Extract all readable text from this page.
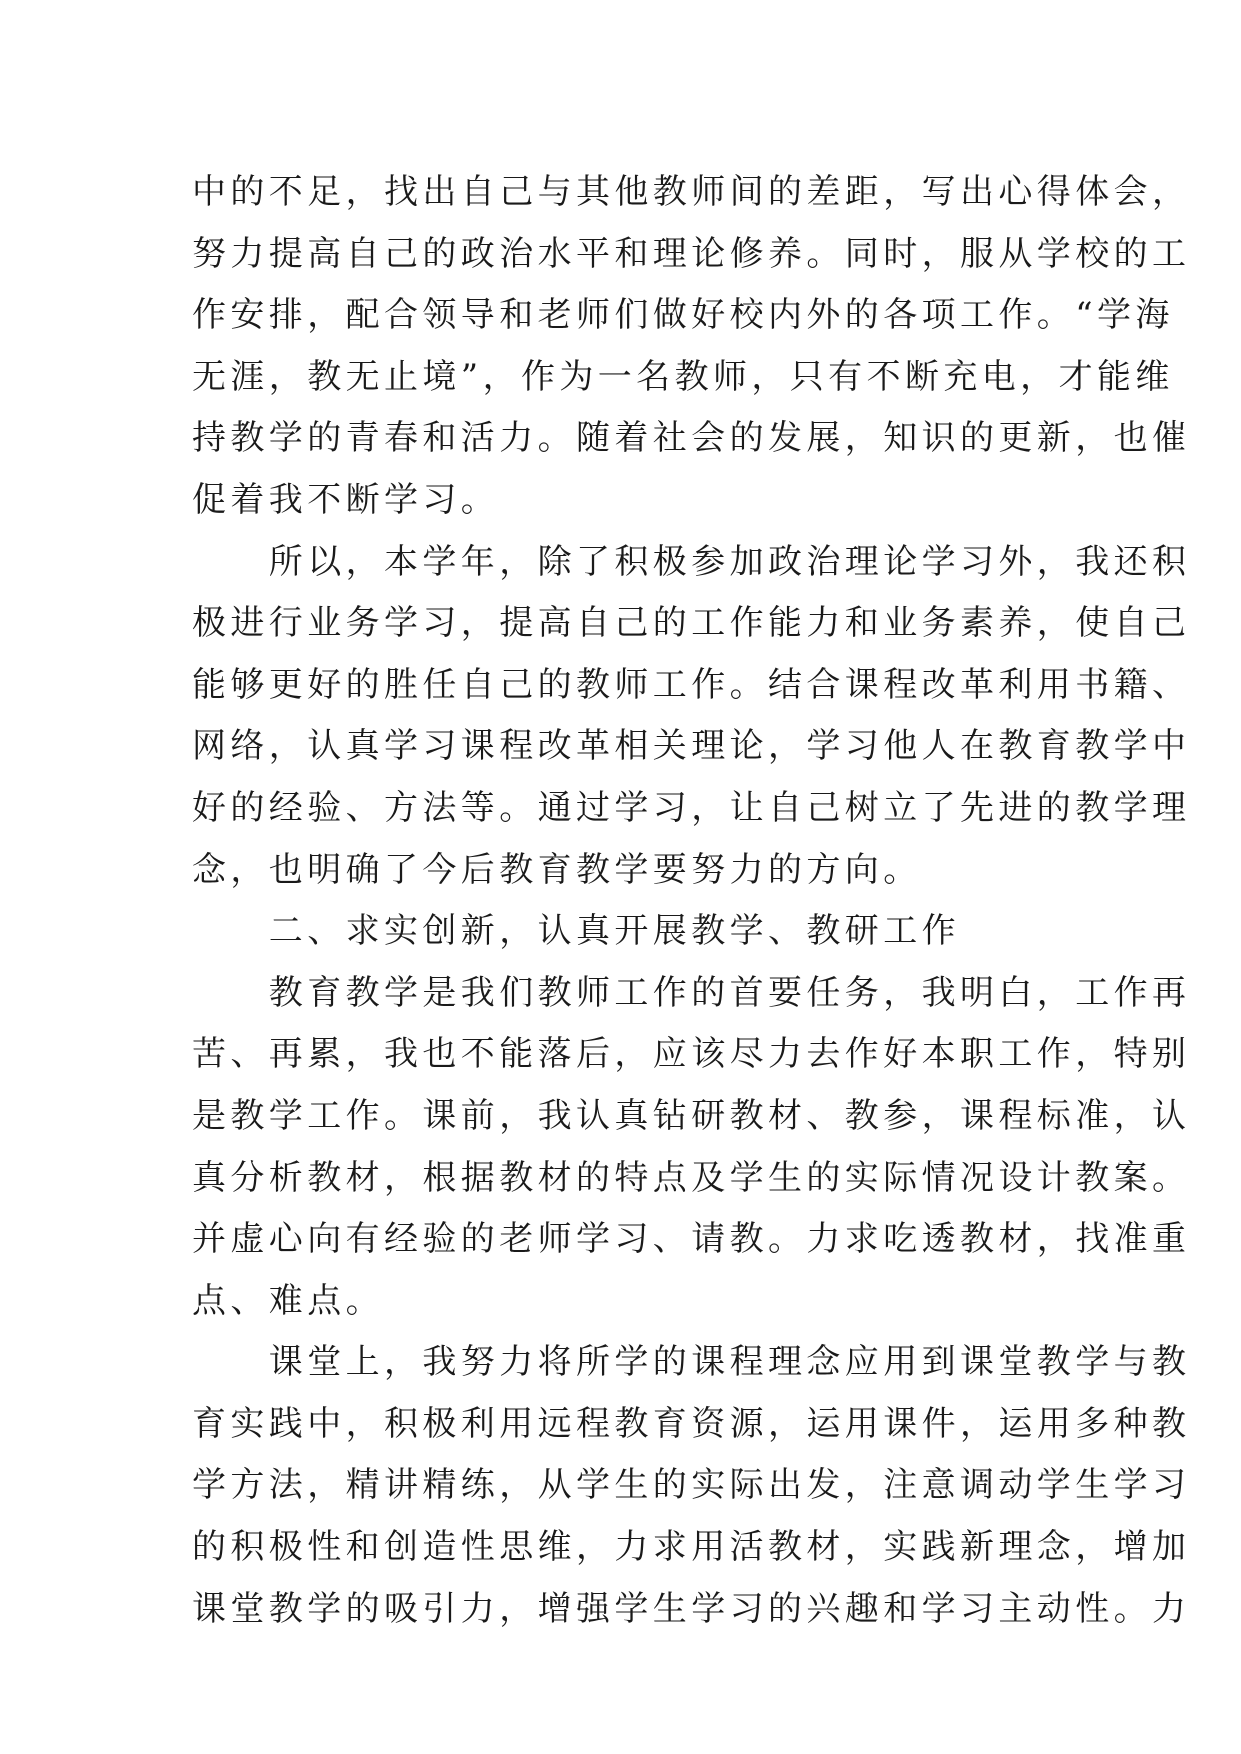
中的不足，找出自己与其他教师间的差距，写出心得体会，
努力提高自己的政治水平和理论修养。同时，服从学校的工
作安排，配合领导和老师们做好校内外的各项工作。“学海
无涯，教无止境”，作为一名教师，只有不断充电，才能维
持教学的青春和活力。随着社会的发展，知识的更新，也催
促着我不断学习。
　　所以，本学年，除了积极参加政治理论学习外，我还积
极进行业务学习，提高自己的工作能力和业务素养，使自己
能够更好的胜任自己的教师工作。结合课程改革利用书籍、
网络，认真学习课程改革相关理论，学习他人在教育教学中
好的经验、方法等。通过学习，让自己树立了先进的教学理
念，也明确了今后教育教学要努力的方向。
　　二、求实创新，认真开展教学、教研工作
　　教育教学是我们教师工作的首要任务，我明白，工作再
苦、再累，我也不能落后，应该尽力去作好本职工作，特别
是教学工作。课前，我认真钻研教材、教参，课程标准，认
真分析教材，根据教材的特点及学生的实际情况设计教案。
并虚心向有经验的老师学习、请教。力求吃透教材，找准重
点、难点。
　　课堂上，我努力将所学的课程理念应用到课堂教学与教
育实践中，积极利用远程教育资源，运用课件，运用多种教
学方法，精讲精练，从学生的实际出发，注意调动学生学习
的积极性和创造性思维，力求用活教材，实践新理念，增加
课堂教学的吸引力，增强学生学习的兴趣和学习主动性。力
